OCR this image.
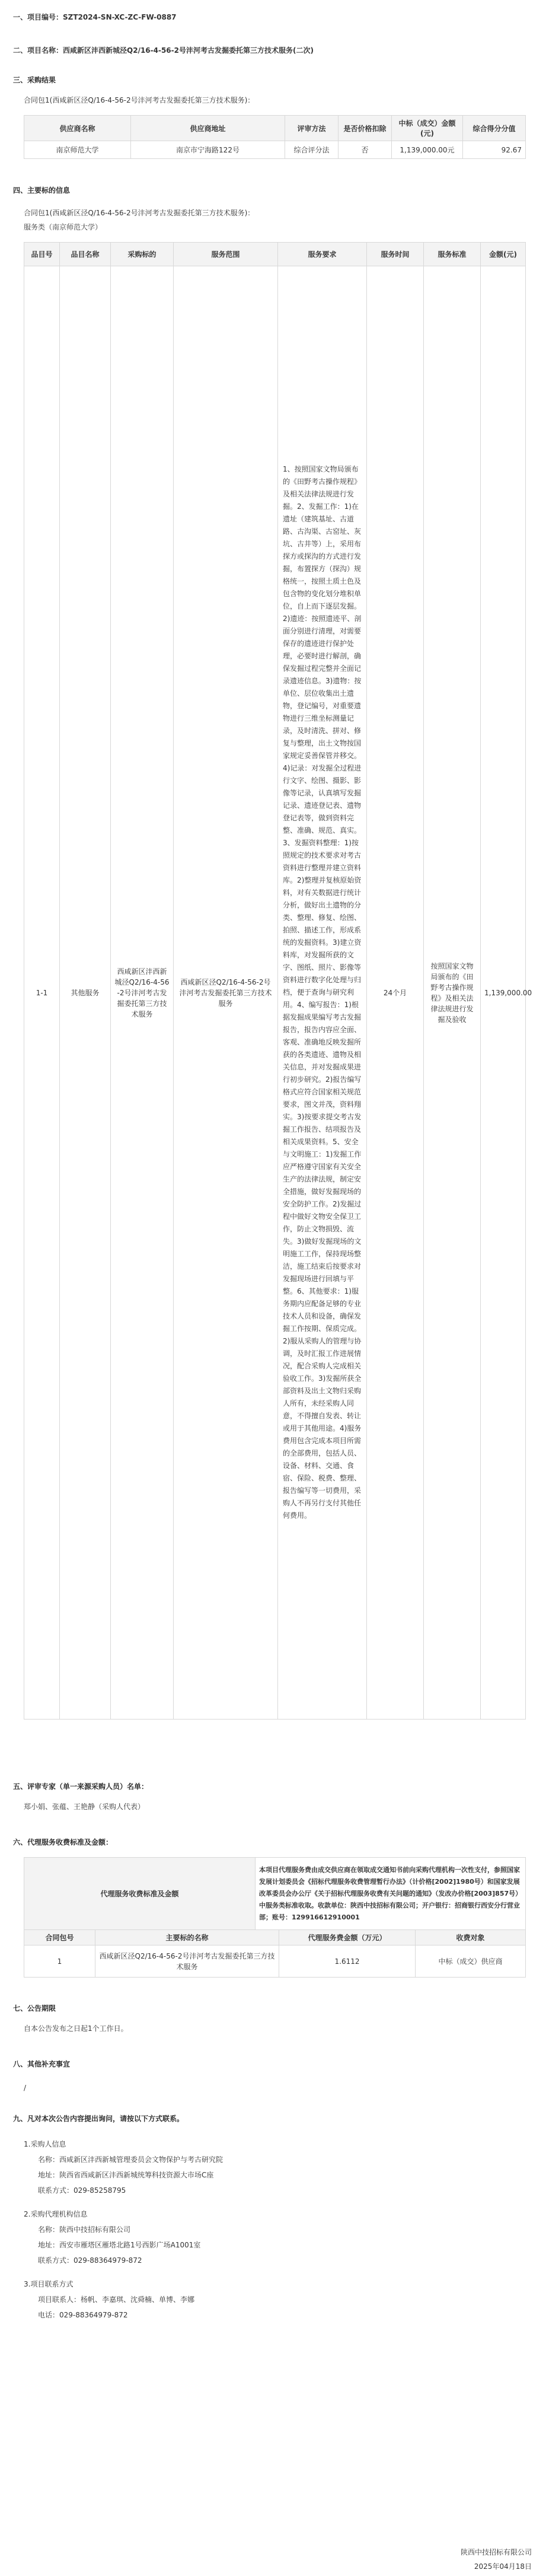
一、项目编号：SZT2024-SN-XC-ZC-FW-0887
二、项目名称：西咸新区沣西新城泾Q2/16-4-56-2号沣河考古发掘委托第三方技术服务(二次)
三、采购结果
合同包1(西咸新区泾Q/16-4-56-2号沣河考古发掘委托第三方技术服务)：
供应商名称	供应商地址	评审方法	是否价格扣除	中标（成交）金额(元)	综合得分分值
南京师范大学	南京市宁海路122号	综合评分法	否	1,139,000.00元	92.67
四、主要标的信息
合同包1(西咸新区泾Q/16-4-56-2号沣河考古发掘委托第三方技术服务)：
服务类（南京师范大学）
品目号	品目名称	采购标的	服务范围	服务要求	服务时间	服务标准	金额(元)
1-1	其他服务	西咸新区沣西新城泾Q2/16-4-56-2号沣河考古发掘委托第三方技术服务	西咸新区泾Q2/16-4-56-2号沣河考古发掘委托第三方技术服务	1、按照国家文物局颁布的《田野考古操作规程》及相关法律法规进行发掘。2、发掘工作：1)在遗址（建筑基址、古道路、古沟渠、古窑址、灰坑、古井等）上，采用布探方或探沟的方式进行发掘，布置探方（探沟）规格统一，按照土质土色及包含物的变化划分堆积单位，自上而下逐层发掘。2)遗迹：按照遗迹平、剖面分别进行清理，对需要保存的遗迹进行保护处理，必要时进行解剖，确保发掘过程完整并全面记录遗迹信息。3)遗物：按单位、层位收集出土遗物，登记编号，对重要遗物进行三维坐标测量记录，及时清洗、拼对、修复与整理，出土文物按国家规定妥善保管并移交。4)记录：对发掘全过程进行文字、绘图、摄影、影像等记录，认真填写发掘记录、遗迹登记表、遗物登记表等，做到资料完整、准确、规范、真实。3、发掘资料整理：1)按照规定的技术要求对考古资料进行整理并建立资料库。2)整理并复核原始资料，对有关数据进行统计分析，做好出土遗物的分类、整理、修复、绘图、拍照、描述工作，形成系统的发掘资料。3)建立资料库，对发掘所获的文字、图纸、照片、影像等资料进行数字化处理与归档，便于查询与研究利用。4、编写报告：1)根据发掘成果编写考古发掘报告，报告内容应全面、客观、准确地反映发掘所获的各类遗迹、遗物及相关信息，并对发掘成果进行初步研究。2)报告编写格式应符合国家相关规范要求，图文并茂，资料翔实。3)按要求提交考古发掘工作报告、结项报告及相关成果资料。5、安全与文明施工：1)发掘工作应严格遵守国家有关安全生产的法律法规，制定安全措施，做好发掘现场的安全防护工作。2)发掘过程中做好文物安全保卫工作，防止文物损毁、流失。3)做好发掘现场的文明施工工作，保持现场整洁，施工结束后按要求对发掘现场进行回填与平整。6、其他要求：1)服务期内应配备足够的专业技术人员和设备，确保发掘工作按期、保质完成。2)服从采购人的管理与协调，及时汇报工作进展情况，配合采购人完成相关验收工作。3)发掘所获全部资料及出土文物归采购人所有，未经采购人同意，不得擅自发表、转让或用于其他用途。4)服务费用包含完成本项目所需的全部费用，包括人员、设备、材料、交通、食宿、保险、税费、整理、报告编写等一切费用，采购人不再另行支付其他任何费用。	24个月	按照国家文物局颁布的《田野考古操作规程》及相关法律法规进行发掘及验收	1,139,000.00
五、评审专家（单一来源采购人员）名单：
郑小娟、张蕴、王艳静（采购人代表）
六、代理服务收费标准及金额：
代理服务收费标准及金额	本项目代理服务费由成交供应商在领取成交通知书前向采购代理机构一次性支付，参照国家发展计划委员会《招标代理服务收费管理暂行办法》（计价格[2002]1980号）和国家发展改革委员会办公厅《关于招标代理服务收费有关问题的通知》（发改办价格[2003]857号）中服务类标准收取。收款单位：陕西中技招标有限公司；开户银行：招商银行西安分行营业部；账号：129916612910001
合同包号	主要标的名称	代理服务费金额（万元）	收费对象
1	西咸新区泾Q2/16-4-56-2号沣河考古发掘委托第三方技术服务	1.6112	中标（成交）供应商
七、公告期限
自本公告发布之日起1个工作日。
八、其他补充事宜
/
九、凡对本次公告内容提出询问，请按以下方式联系。
1.采购人信息
名称：西咸新区沣西新城管理委员会文物保护与考古研究院
地址：陕西省西咸新区沣西新城统筹科技资源大市场C座
联系方式：029-85258795
2.采购代理机构信息
名称：陕西中技招标有限公司
地址：西安市雁塔区雁塔北路1号西影广场A1001室
联系方式：029-88364979-872
3.项目联系方式
项目联系人：杨帆、李嘉琪、沈舜楠、单博、李娜
电话：029-88364979-872
陕西中技招标有限公司
2025年04月18日
